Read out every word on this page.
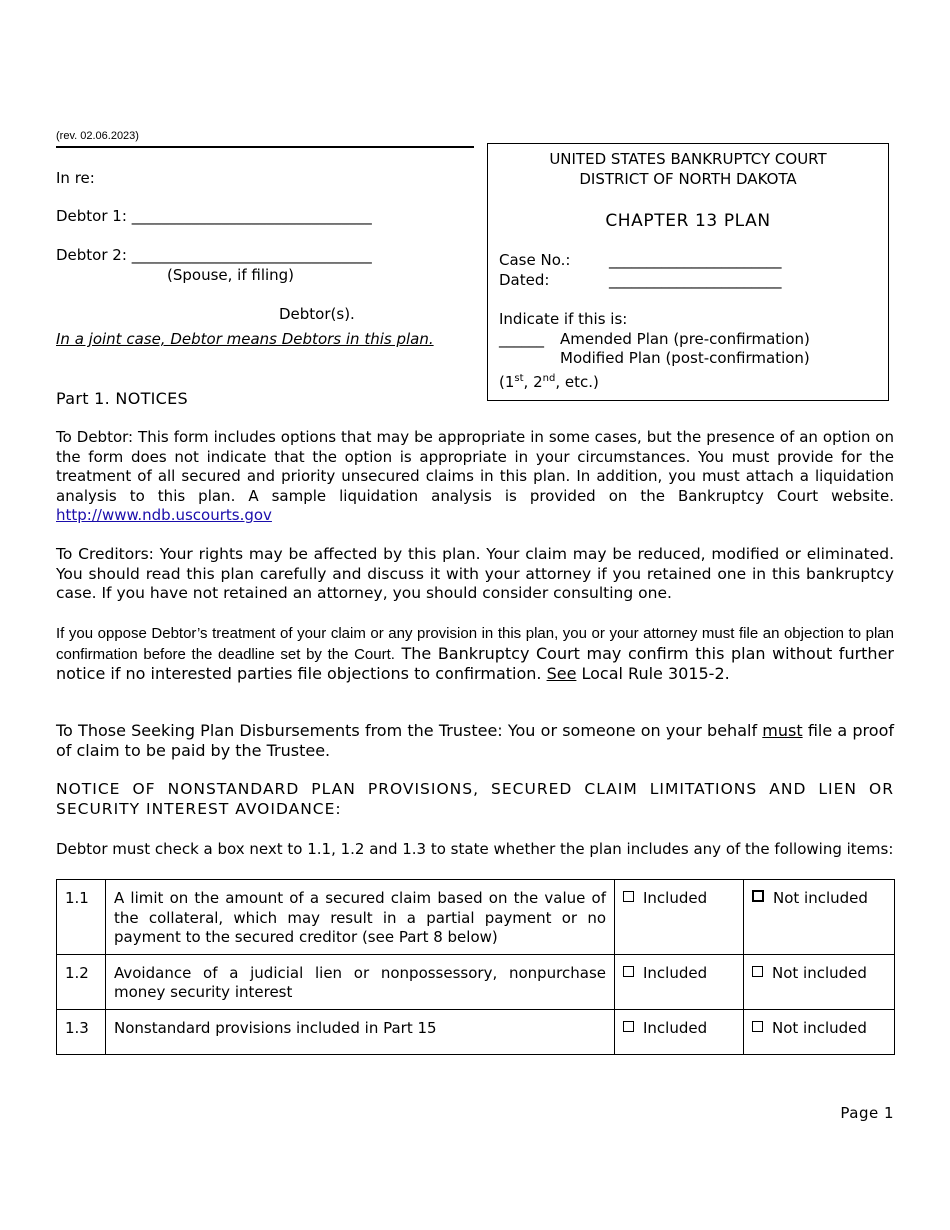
(rev. 02.06.2023)
In re:
Debtor 1: ________________________________
Debtor 2: ________________________________
(Spouse, if filing)
Debtor(s).
In a joint case, Debtor means Debtors in this plan.
UNITED STATES BANKRUPTCY COURT
DISTRICT OF NORTH DAKOTA
CHAPTER 13 PLAN
Case No.:	_______________________
Dated:	_______________________
Indicate if this is:
______ Amended Plan (pre-confirmation)
Modified Plan (post-confirmation)
(1st, 2nd, etc.)
Part 1. NOTICES
To Debtor: This form includes options that may be appropriate in some cases, but the presence of an option on the form does not indicate that the option is appropriate in your circumstances. You must provide for the treatment of all secured and priority unsecured claims in this plan. In addition, you must attach a liquidation analysis to this plan. A sample liquidation analysis is provided on the Bankruptcy Court website. http://www.ndb.uscourts.gov
To Creditors: Your rights may be affected by this plan. Your claim may be reduced, modified or eliminated. You should read this plan carefully and discuss it with your attorney if you retained one in this bankruptcy case. If you have not retained an attorney, you should consider consulting one.
If you oppose Debtor’s treatment of your claim or any provision in this plan, you or your attorney must file an objection to plan confirmation before the deadline set by the Court. The Bankruptcy Court may confirm this plan without further notice if no interested parties file objections to confirmation. See Local Rule 3015-2.
To Those Seeking Plan Disbursements from the Trustee: You or someone on your behalf must file a proof of claim to be paid by the Trustee.
NOTICE OF NONSTANDARD PLAN PROVISIONS, SECURED CLAIM LIMITATIONS AND LIEN OR SECURITY INTEREST AVOIDANCE:
Debtor must check a box next to 1.1, 1.2 and 1.3 to state whether the plan includes any of the following items:
1.1	A limit on the amount of a secured claim based on the value of the collateral, which may result in a partial payment or no payment to the secured creditor (see Part 8 below)	Included	Not included
1.2	Avoidance of a judicial lien or nonpossessory, nonpurchase money security interest	Included	Not included
1.3	Nonstandard provisions included in Part 15	Included	Not included
Page 1
